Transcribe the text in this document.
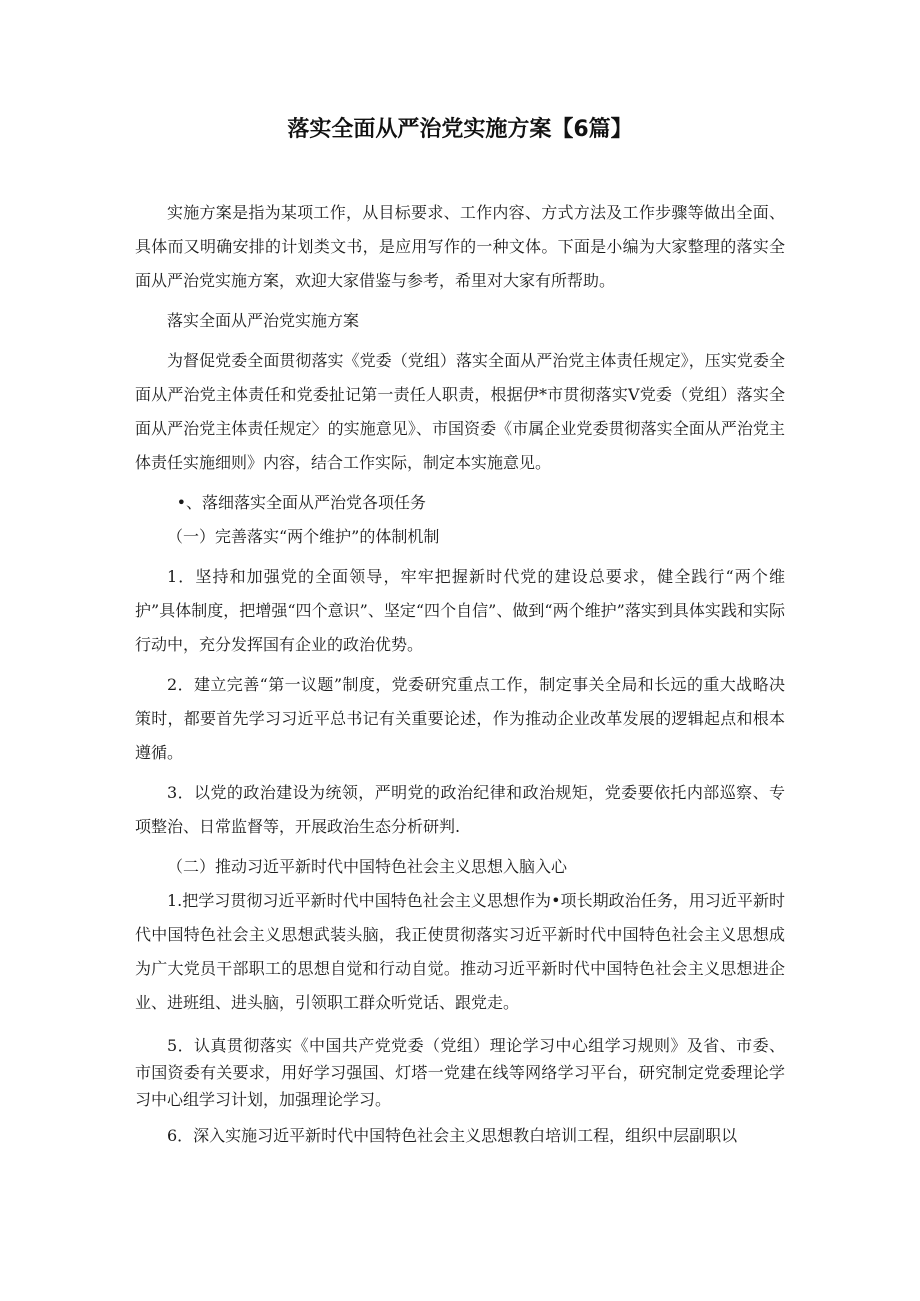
落实全面从严治党实施方案【6篇】

实施方案是指为某项工作，从目标要求、工作内容、方式方法及工作步骤等做出全面、具体而又明确安排的计划类文书，是应用写作的一种文体。下面是小编为大家整理的落实全面从严治党实施方案，欢迎大家借鉴与参考，希里对大家有所帮助。

落实全面从严治党实施方案

为督促党委全面贯彻落实《党委（党组）落实全面从严治党主体责任规定》，压实党委全面从严治党主体责任和党委扯记第一责任人职责，根据伊*市贯彻落实V党委（党组）落实全面从严治党主体责任规定〉的实施意见》、市国资委《市属企业党委贯彻落实全面从严治党主体责任实施细则》内容，结合工作实际，制定本实施意见。

•、落细落实全面从严治党各项任务

（一）完善落实“两个维护”的体制机制

1．坚持和加强党的全面领导，牢牢把握新时代党的建设总要求，健全践行“两个维护”具体制度，把增强“四个意识”、坚定“四个自信”、做到“两个维护”落实到具体实践和实际行动中，充分发挥国有企业的政治优势。

2．建立完善“第一议题”制度，党委研究重点工作，制定事关全局和长远的重大战略决策时，都要首先学习习近平总书记有关重要论述，作为推动企业改革发展的逻辑起点和根本遵循。

3．以党的政治建设为统领，严明党的政治纪律和政治规矩，党委要依托内部巡察、专项整治、日常监督等，开展政治生态分析研判.

（二）推动习近平新时代中国特色社会主义思想入脑入心

1.把学习贯彻习近平新时代中国特色社会主义思想作为•项长期政治任务，用习近平新时代中国特色社会主义思想武装头脑，我正使贯彻落实习近平新时代中国特色社会主义思想成为广大党员干部职工的思想自觉和行动自觉。推动习近平新时代中国特色社会主义思想进企业、进班组、进头脑，引领职工群众听党话、跟党走。

5．认真贯彻落实《中国共产党党委（党组）理论学习中心组学习规则》及省、市委、市国资委有关要求，用好学习强国、灯塔一党建在线等网络学习平台，研究制定党委理论学习中心组学习计划，加强理论学习。

6．深入实施习近平新时代中国特色社会主义思想教白培训工程，组织中层副职以
